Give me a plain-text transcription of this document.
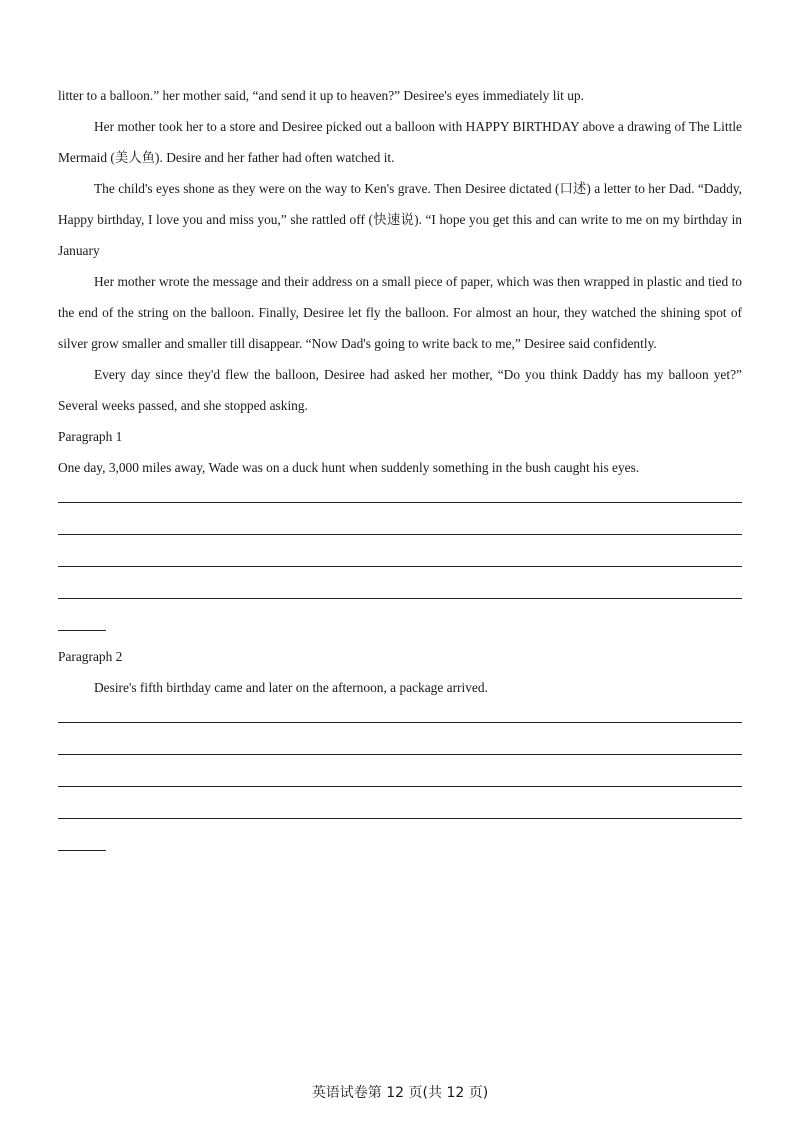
litter to a balloon.” her mother said, “and send it up to heaven?” Desiree's eyes immediately lit up.

Her mother took her to a store and Desiree picked out a balloon with HAPPY BIRTHDAY above a drawing of The Little Mermaid (美人鱼). Desire and her father had often watched it.

The child's eyes shone as they were on the way to Ken's grave. Then Desiree dictated (口述) a letter to her Dad. “Daddy, Happy birthday, I love you and miss you,” she rattled off (快速说). “I hope you get this and can write to me on my birthday in January

Her mother wrote the message and their address on a small piece of paper, which was then wrapped in plastic and tied to the end of the string on the balloon. Finally, Desiree let fly the balloon. For almost an hour, they watched the shining spot of silver grow smaller and smaller till disappear. “Now Dad's going to write back to me,” Desiree said confidently.

Every day since they'd flew the balloon, Desiree had asked her mother, “Do you think Daddy has my balloon yet?” Several weeks passed, and she stopped asking.

Paragraph 1

One day, 3,000 miles away, Wade was on a duck hunt when suddenly something in the bush caught his eyes.

Paragraph 2

Desire's fifth birthday came and later on the afternoon, a package arrived.

英语试卷第 12 页(共 12 页)
